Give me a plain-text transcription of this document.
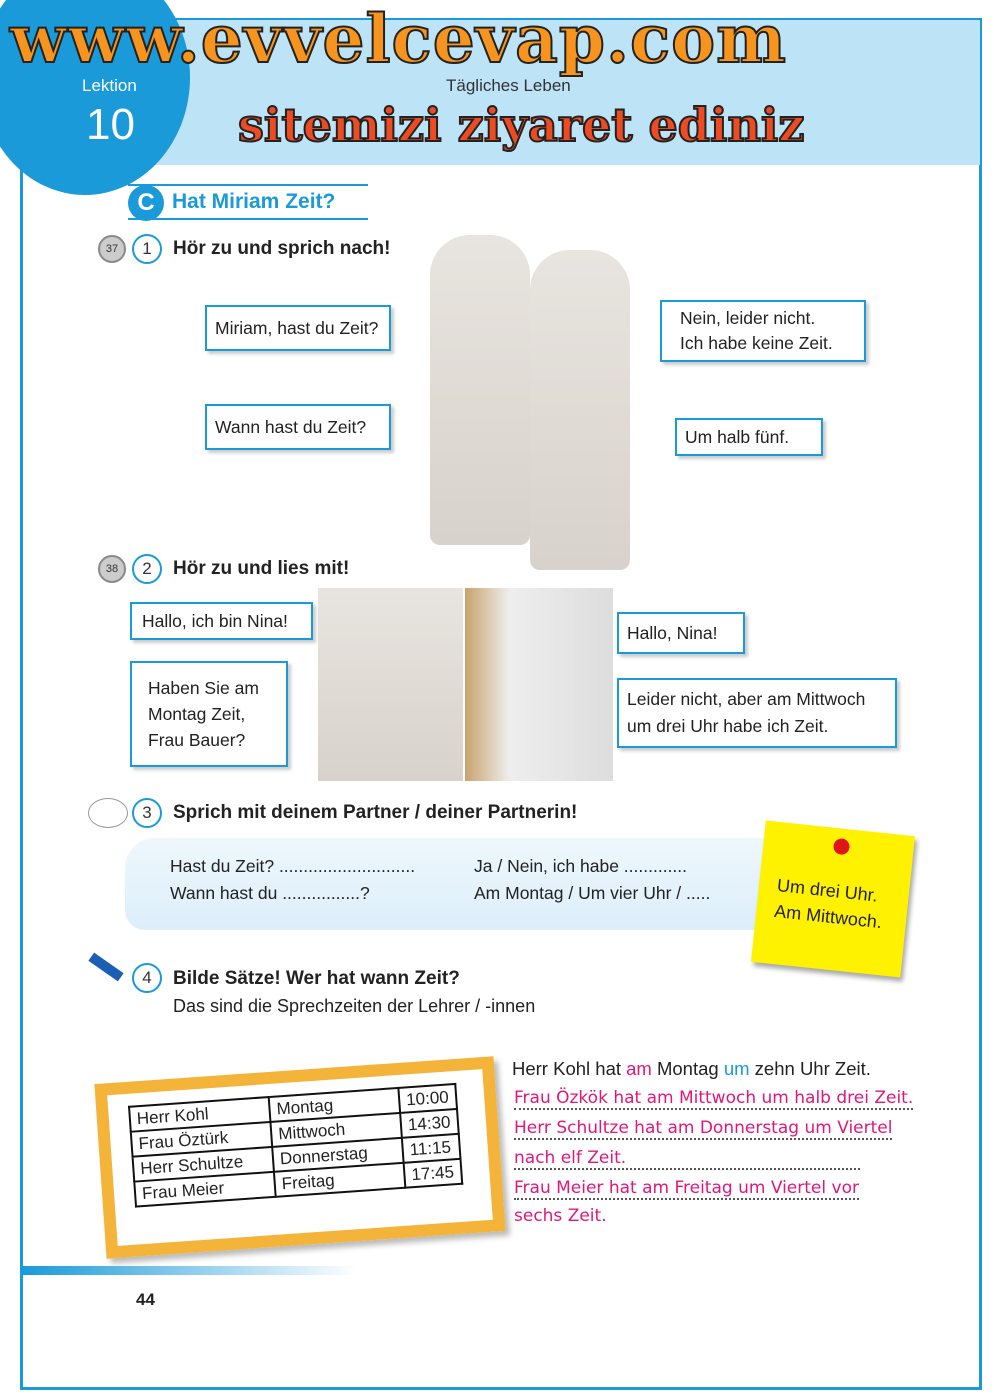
Lektion
10
Tägliches Leben
www.evvelcevap.com
sitemizi ziyaret ediniz
C Hat Miriam Zeit?
37	1	Hör zu und sprich nach!
Miriam, hast du Zeit?
Wann hast du Zeit?
Nein, leider nicht.
Ich habe keine Zeit.
Um halb fünf.
38	2	Hör zu und lies mit!
Hallo, ich bin Nina!
Haben Sie am
Montag Zeit,
Frau Bauer?
Hallo, Nina!
Leider nicht, aber am Mittwoch
um drei Uhr habe ich Zeit.
3	Sprich mit deinem Partner / deiner Partnerin!
Hast du Zeit? ............................
Wann hast du ................?
Ja / Nein, ich habe .............
Am Montag / Um vier Uhr / .....	Um drei Uhr.
Am Mittwoch.
4	Bilde Sätze! Wer hat wann Zeit?
Das sind die Sprechzeiten der Lehrer / -innen
Herr Kohl	Montag	10:00
Frau Öztürk	Mittwoch	14:30
Herr Schultze	Donnerstag	11:15
Frau Meier	Freitag	17:45
Herr Kohl hat am Montag um zehn Uhr Zeit.
Frau Özkök hat am Mittwoch um halb drei Zeit.
Herr Schultze hat am Donnerstag um Viertel
nach elf Zeit.
Frau Meier hat am Freitag um Viertel vor
sechs Zeit.
44
